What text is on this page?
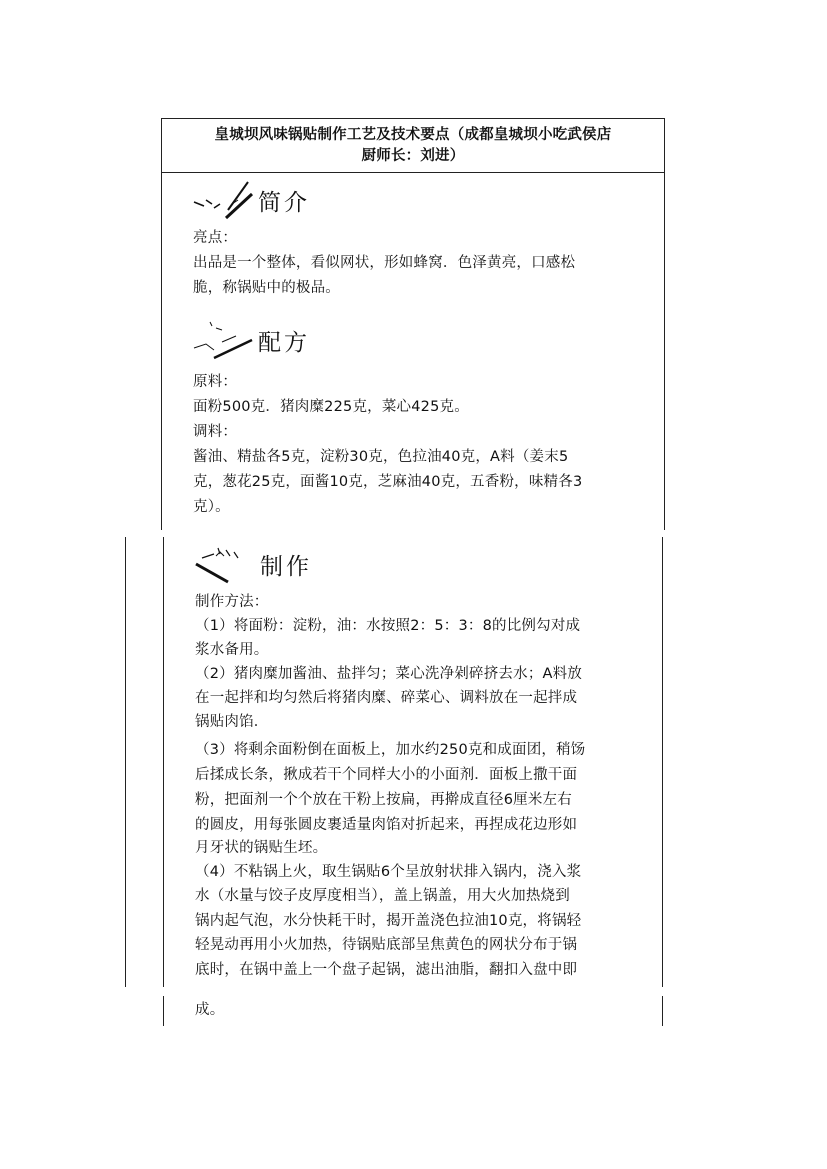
皇城坝风味锅贴制作工艺及技术要点（成都皇城坝小吃武侯店
厨师长：刘进）
简介
亮点：
出品是一个整体，看似网状，形如蜂窝．色泽黄亮，口感松
脆，称锅贴中的极品。
配方
原料：
面粉500克．猪肉糜225克，菜心425克。
调料：
酱油、精盐各5克，淀粉30克，色拉油40克，A料（姜末5
克，葱花25克，面酱10克，芝麻油40克，五香粉，味精各3
克）。
制作
制作方法：
（1）将面粉：淀粉，油：水按照2：5：3：8的比例勾对成
浆水备用。
（2）猪肉糜加酱油、盐拌匀；菜心洗净剁碎挤去水；A料放
在一起拌和均匀然后将猪肉糜、碎菜心、调料放在一起拌成
锅贴肉馅．
（3）将剩余面粉倒在面板上，加水约250克和成面团，稍饧
后揉成长条，揪成若干个同样大小的小面剂．面板上撒干面
粉，把面剂一个个放在干粉上按扁，再擀成直径6厘米左右
的圆皮，用每张圆皮裹适量肉馅对折起来，再捏成花边形如
月牙状的锅贴生坯。
（4）不粘锅上火，取生锅贴6个呈放射状排入锅内，浇入浆
水（水量与饺子皮厚度相当），盖上锅盖，用大火加热烧到
锅内起气泡，水分快耗干时，揭开盖浇色拉油10克，将锅轻
轻晃动再用小火加热，待锅贴底部呈焦黄色的网状分布于锅
底时，在锅中盖上一个盘子起锅，滤出油脂，翻扣入盘中即
成。
